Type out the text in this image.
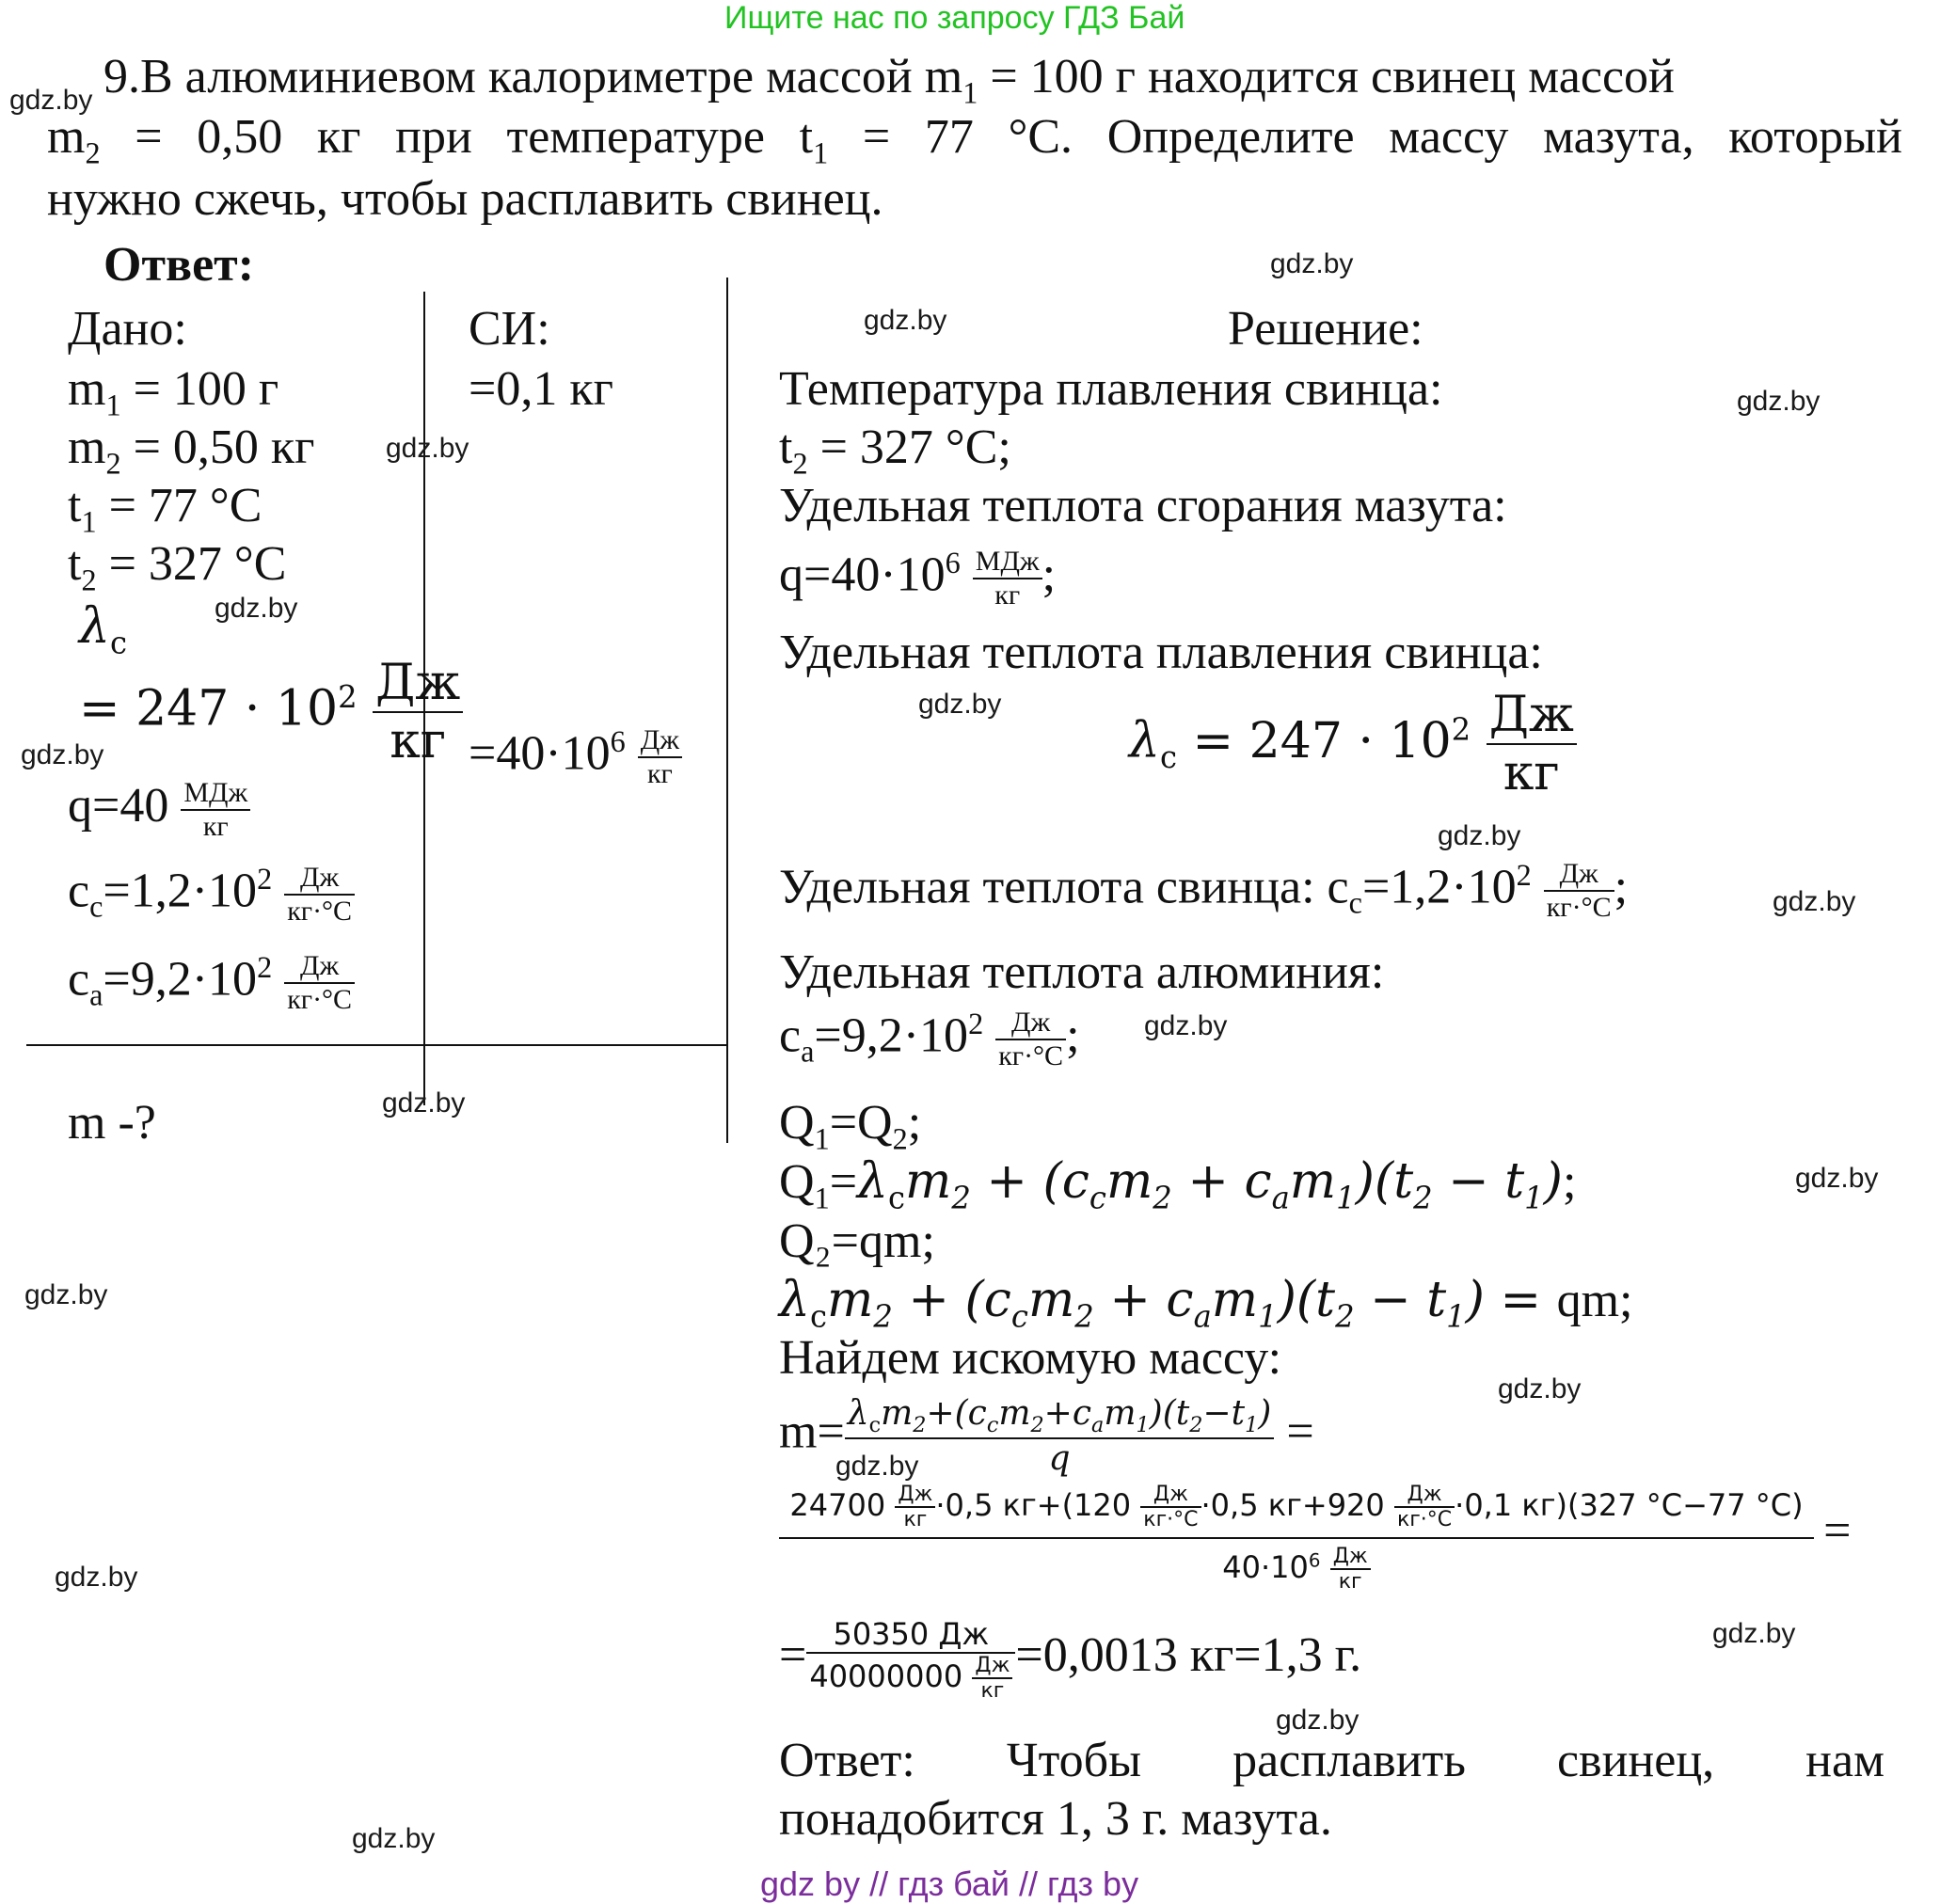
Ищите нас по запросу ГДЗ Бай
9.В алюминиевом калориметре массой $m_1 = 100$ г находится свинец массой
$m_2 = 0,50$ кг при температуре $t_1 = 77$ °С. Определите массу мазута, который
нужно сжечь, чтобы расплавить свинец.
Ответ:
Дано:
$m_1 = 100$ г
$m_2 = 0,50$ кг
$t_1 = 77$ °C
$t_2 = 327$ °C
$\lambda_c$
= $247 \cdot 10^2 \frac{Дж}{кг}$
$q=40 \frac{\text{МДж}}{кг}$
$c_c=1,2\cdot 10^2 \frac{Дж}{кг\cdot^\circ С}$
$c_a=9,2\cdot 10^2 \frac{Дж}{кг\cdot^\circ С}$
m -?
СИ:
=0,1 кг
$=40\cdot 10^6 \frac{Дж}{кг}$
Решение:
Температура плавления свинца:
$t_2 = 327$ °C;
Удельная теплота сгорания мазута:
$q=40\cdot 10^6 \frac{\text{МДж}}{кг}$ ;
Удельная теплота плавления свинца:
$\lambda_c = 247 \cdot 10^2 \frac{Дж}{кг}$
Удельная теплота свинца: $c_c=1,2\cdot 10^2 \frac{Дж}{кг\cdot^\circ С}$ ;
Удельная теплота алюминия:
$c_a=9,2\cdot 10^2 \frac{Дж}{кг\cdot^\circ С}$ ;
$Q_1=Q_2$;
$Q_1=\lambda_cm_2 + (c_cm_2 + c_am_1)(t_2 - t_1)$;
Q₂=qm;
$\lambda_cm_2 + (c_cm_2 + c_am_1)(t_2 - t_1)$ = qm;
Найдем искомую массу:
$m= \frac{\lambda_cm_2+(c_cm_2+c_am_1)(t_2-t_1)}{q}$ =
$24700 \frac{Дж}{кг} \cdot 0,5$ $кг+(120 \frac{Дж}{кг\cdot^\circ С} \cdot 0,5$ $кг+920 \frac{Дж}{кг\cdot^\circ С} \cdot 0,1$ кг)(327 °C−77 °C)
$40\cdot 10^6 \frac{Дж}{кг}$
=
= $\frac{50350 Дж}{40000000 \frac{Дж}{кг}} =0,0013$ кг=1,3 г.
Ответ: Чтобы расплавить свинец, нам
понадобится 1, 3 г. мазута.
gdz.by
gdz.by
gdz.by
gdz.by
gdz.by
gdz.by
gdz.by
gdz.by
gdz.by
gdz.by
gdz.by
gdz.by
gdz.by
gdz.by
gdz.by
gdz.by
gdz.by
gdz.by
gdz.by
gdz.by
gdz by // гдз бай // гдз by
